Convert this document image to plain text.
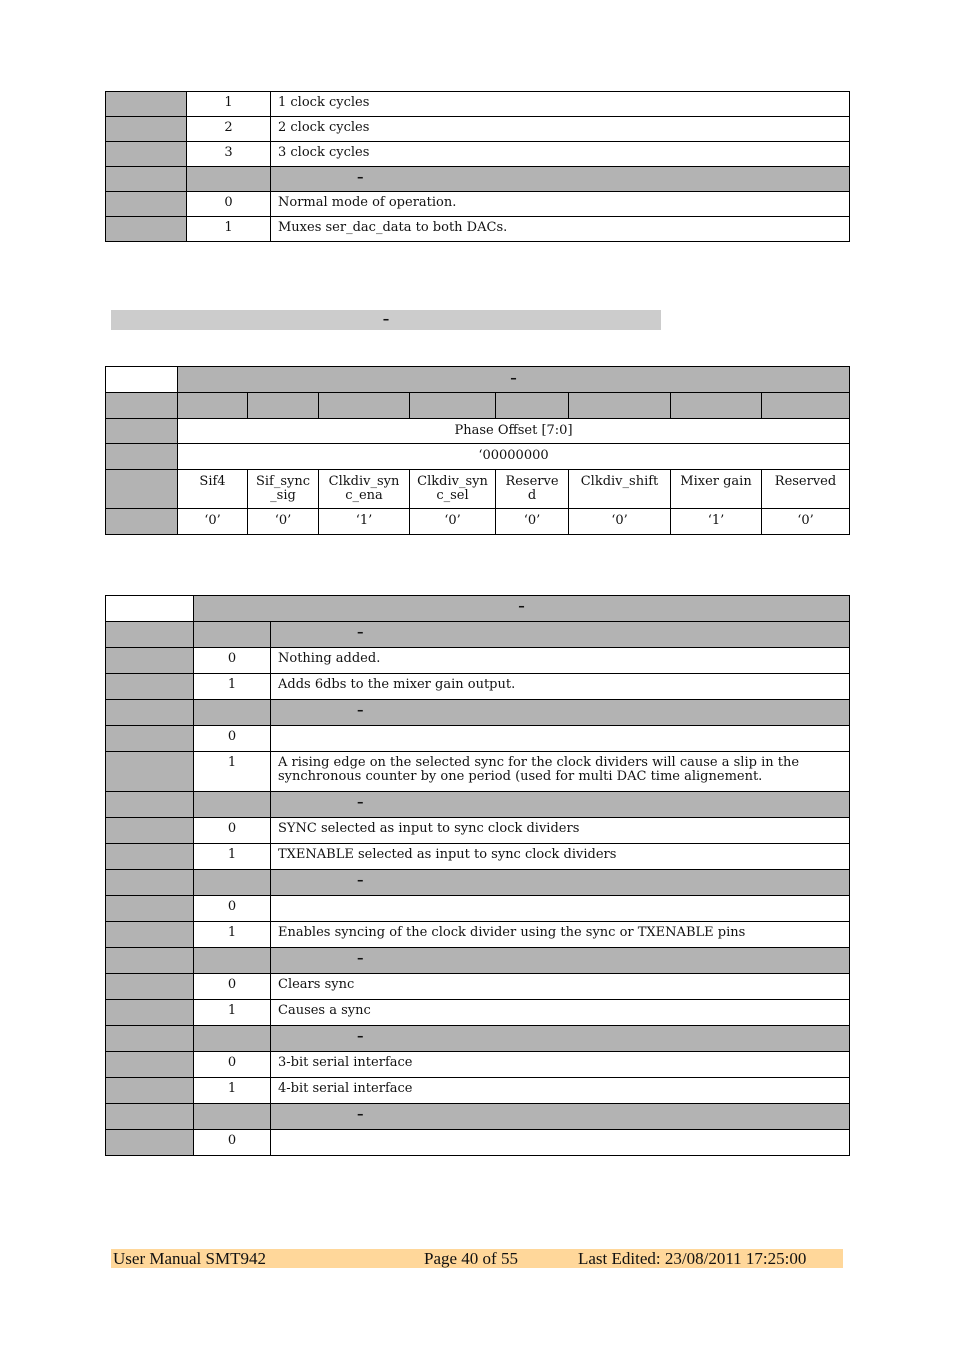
	1	1 clock cycles
	2	2 clock cycles
	3	3 clock cycles
		–
	0	Normal mode of operation.
	1	Muxes ser_dac_data to both DACs.
–
	–							

	Phase Offset [7:0]							
	‘00000000							
	Sif4	Sif_sync _sig	Clkdiv_syn c_ena	Clkdiv_syn c_sel	Reserve d	Clkdiv_shift	Mixer gain	Reserved
	‘0’	‘0’	‘1’	‘0’	‘0’	‘0’	‘1’	‘0’
	–	
		–
	0	Nothing added.
	1	Adds 6dbs to the mixer gain output.
		–
	0	
	1	A rising edge on the selected sync for the clock dividers will cause a slip in the synchronous counter by one period (used for multi DAC time alignement.
		–
	0	SYNC selected as input to sync clock dividers
	1	TXENABLE selected as input to sync clock dividers
		–
	0	
	1	Enables syncing of the clock divider using the sync or TXENABLE pins
		–
	0	Clears sync
	1	Causes a sync
		–
	0	3-bit serial interface
	1	4-bit serial interface
		–
	0	
User Manual SMT942	Page 40 of 55	Last Edited: 23/08/2011 17:25:00
